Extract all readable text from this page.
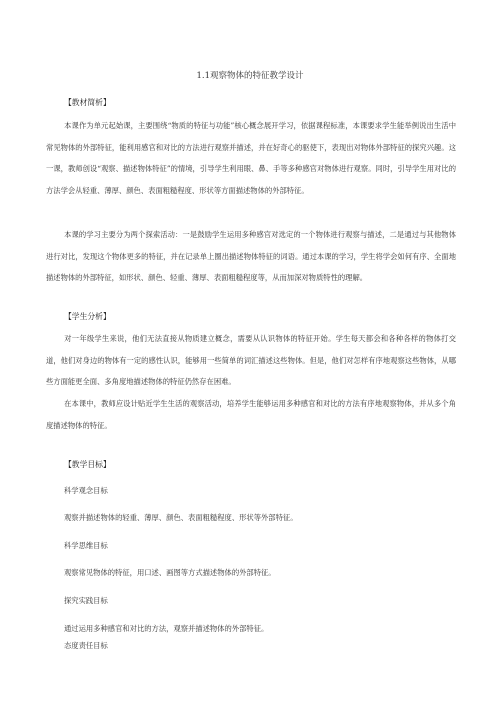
1.1观察物体的特征教学设计
【教材简析】

本课作为单元起始课，主要围绕“物质的特征与功能”核心概念展开学习，依据课程标准，本课要求学生能举例说出生活中常见物体的外部特征，能利用感官和对比的方法进行观察并描述，并在好奇心的驱使下，表现出对物体外部特征的探究兴趣。这一课，教师创设“观察、描述物体特征”的情境，引导学生利用眼、鼻、手等多种感官对物体进行观察。同时，引导学生用对比的方法学会从轻重、薄厚、颜色、表面粗糙程度、形状等方面描述物体的外部特征。

本课的学习主要分为两个探索活动：一是鼓励学生运用多种感官对选定的一个物体进行观察与描述，二是通过与其他物体进行对比，发现这个物体更多的特征，并在记录单上圈出描述物体特征的词语。通过本课的学习，学生将学会如何有序、全面地描述物体的外部特征，如形状、颜色、轻重、薄厚、表面粗糙程度等，从而加深对物质特性的理解。

【学生分析】

对一年级学生来说，他们无法直接从物质建立概念，需要从认识物体的特征开始。学生每天都会和各种各样的物体打交道，他们对身边的物体有一定的感性认识，能够用一些简单的词汇描述这些物体。但是，他们对怎样有序地观察这些物体，从哪些方面能更全面、多角度地描述物体的特征仍然存在困难。

在本课中，教师应设计贴近学生生活的观察活动，培养学生能够运用多种感官和对比的方法有序地观察物体，并从多个角度描述物体的特征。

【教学目标】
科学观念目标
观察并描述物体的轻重、薄厚、颜色、表面粗糙程度、形状等外部特征。
科学思维目标
观察常见物体的特征，用口述、画图等方式描述物体的外部特征。
探究实践目标
通过运用多种感官和对比的方法，观察并描述物体的外部特征。
态度责任目标
